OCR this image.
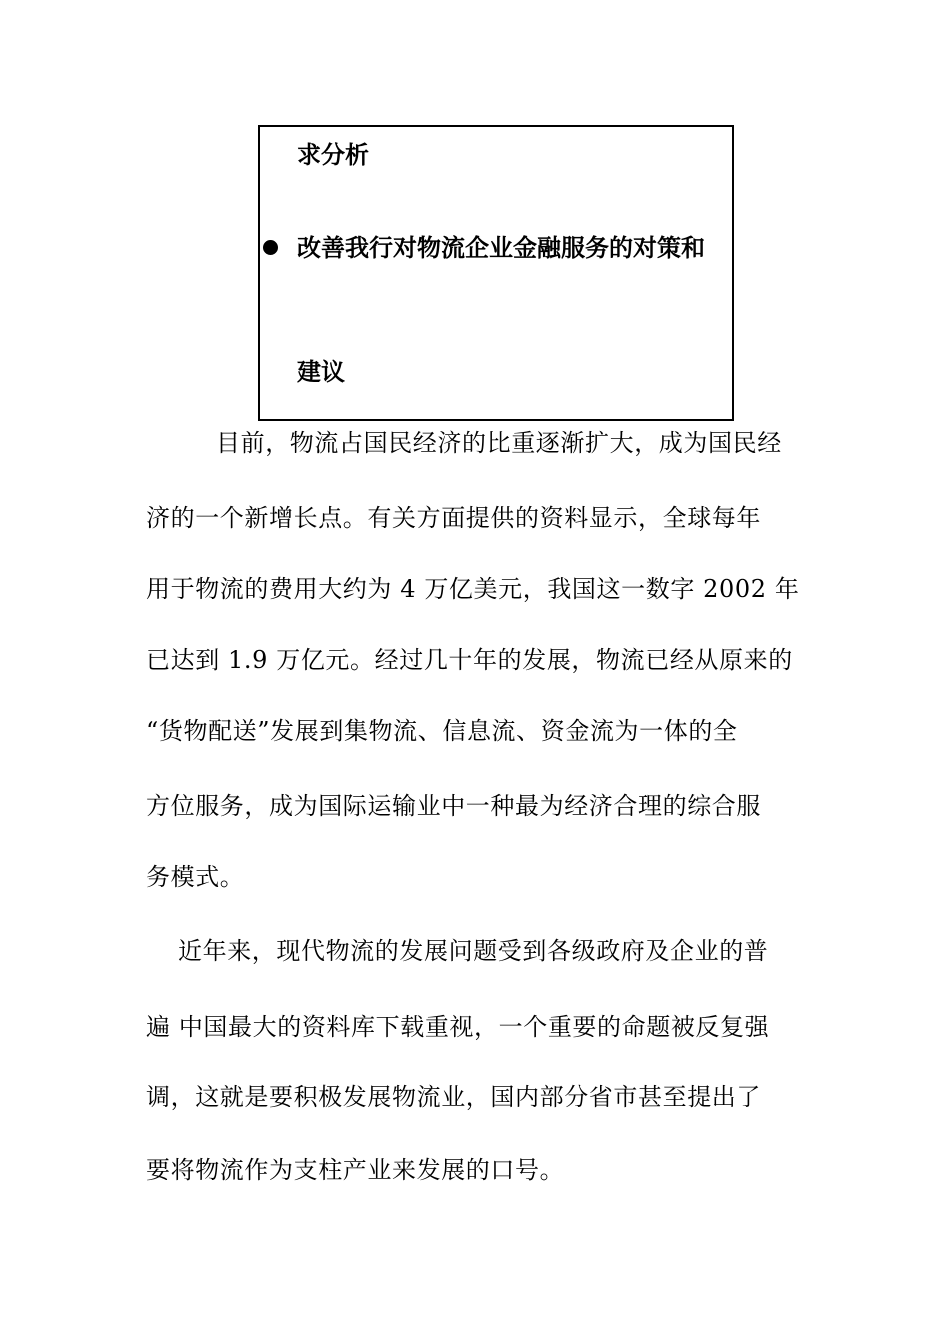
求分析
改善我行对物流企业金融服务的对策和
建议
目前，物流占国民经济的比重逐渐扩大，成为国民经
济的一个新增长点。有关方面提供的资料显示，全球每年
用于物流的费用大约为 4 万亿美元，我国这一数字 2002 年
已达到 1.9 万亿元。经过几十年的发展，物流已经从原来的
“货物配送”发展到集物流、信息流、资金流为一体的全
方位服务，成为国际运输业中一种最为经济合理的综合服
务模式。
近年来，现代物流的发展问题受到各级政府及企业的普
遍 中国最大的资料库下载重视，一个重要的命题被反复强
调，这就是要积极发展物流业，国内部分省市甚至提出了
要将物流作为支柱产业来发展的口号。
